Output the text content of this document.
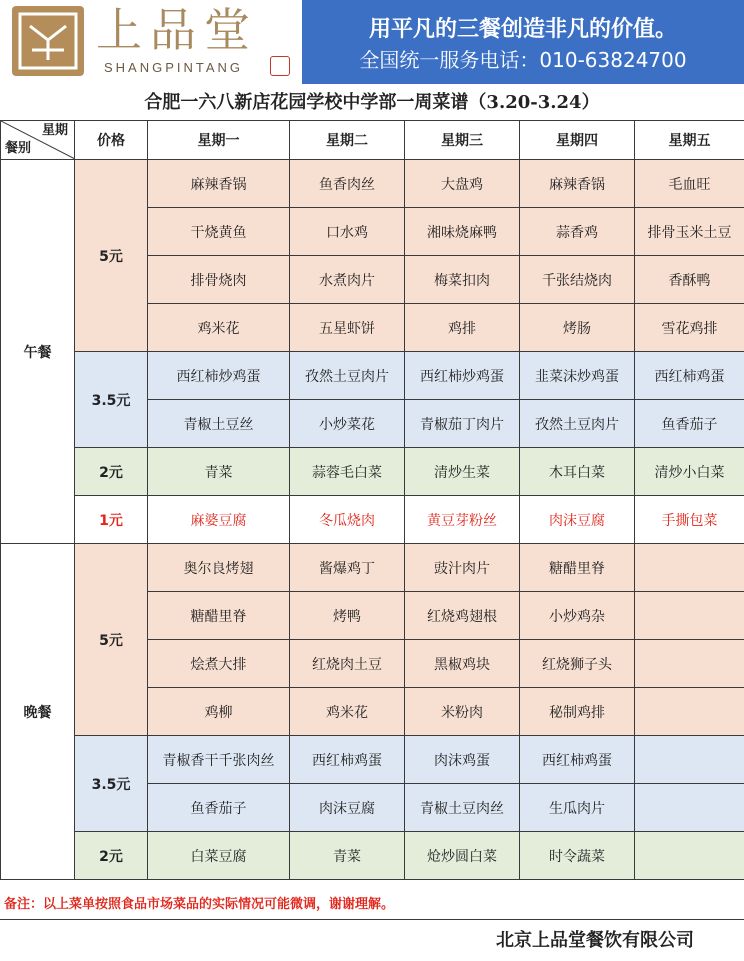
上品堂
SHANGPINTANG
用平凡的三餐创造非凡的价值。
全国统一服务电话：010-63824700
合肥一六八新店花园学校中学部一周菜谱（3.20-3.24）
星期
餐别	价格	星期一	星期二	星期三	星期四	星期五
午餐	5元	麻辣香锅	鱼香肉丝	大盘鸡	麻辣香锅	毛血旺
		干烧黄鱼	口水鸡	湘味烧麻鸭	蒜香鸡	排骨玉米土豆
		排骨烧肉	水煮肉片	梅菜扣肉	千张结烧肉	香酥鸭
		鸡米花	五星虾饼	鸡排	烤肠	雪花鸡排
	3.5元	西红柿炒鸡蛋	孜然土豆肉片	西红柿炒鸡蛋	韭菜沫炒鸡蛋	西红柿鸡蛋
		青椒土豆丝	小炒菜花	青椒茄丁肉片	孜然土豆肉片	鱼香茄子
	2元	青菜	蒜蓉毛白菜	清炒生菜	木耳白菜	清炒小白菜
	1元	麻婆豆腐	冬瓜烧肉	黄豆芽粉丝	肉沫豆腐	手撕包菜
晚餐	5元	奥尔良烤翅	酱爆鸡丁	豉汁肉片	糖醋里脊	
		糖醋里脊	烤鸭	红烧鸡翅根	小炒鸡杂	
		烩煮大排	红烧肉土豆	黑椒鸡块	红烧狮子头	
		鸡柳	鸡米花	米粉肉	秘制鸡排	
	3.5元	青椒香干千张肉丝	西红柿鸡蛋	肉沫鸡蛋	西红柿鸡蛋	
		鱼香茄子	肉沫豆腐	青椒土豆肉丝	生瓜肉片	
	2元	白菜豆腐	青菜	炝炒圆白菜	时令蔬菜	
备注：以上菜单按照食品市场菜品的实际情况可能微调，谢谢理解。
北京上品堂餐饮有限公司
